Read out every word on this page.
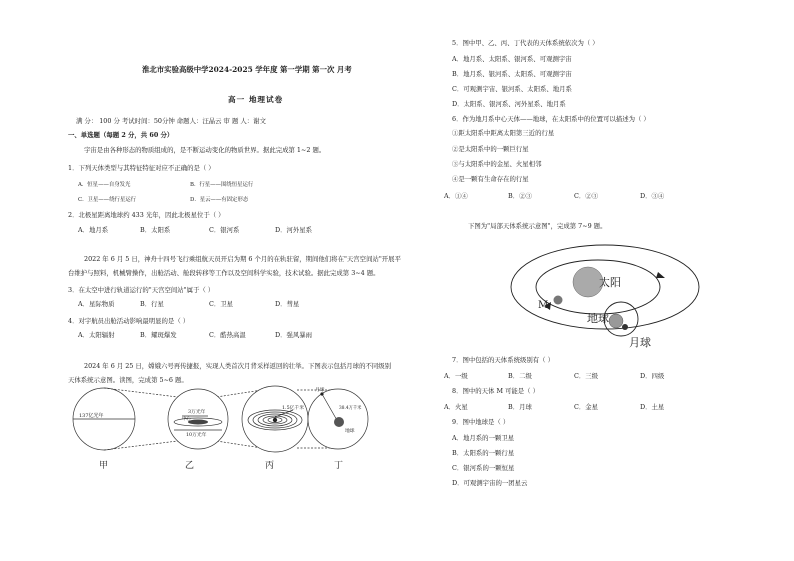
淮北市实验高级中学2024-2025 学年度 第一学期 第一次 月考
高一 地理试卷
满 分： 100 分 考试时间：50分钟 命题人：汪晶云 审 题 人：谢文
一、单选题（每题 2 分，共 60 分）
宇宙是由各种形态的物质组成的，是不断运动变化的物质世界。据此完成第 1~2 题。
1．下列天体类型与其特征特征对应不正确的是（ ）
A．恒星——自身发光	B．行星——围绕恒星运行
C．卫星——绕行星运行	D．星云——有固定形态
2．北极星距离地球约 433 光年，因此北极星位于（ ）
A．地月系	B．太阳系	C．银河系	D．河外星系
2022 年 6 月 5 日，神舟十四号飞行乘组航天员开启为期 6 个月的在轨驻留，期间他们将在"天宫空间站"开展平
台维护与照料，机械臂操作，出舱活动、舱段转移等工作以及空间科学实验，技术试验。据此完成第 3~4 题。
3．在太空中进行轨道运行的"天宫空间站"属于（ ）
A．星际物质	B．行星	C．卫星	D．彗星
4．对宇航员出舱活动影响最明显的是（ ）
A．太阳辐射	B．耀斑爆发	C．酷热高温	D．强风暴雨
2024 年 6 月 25 日，嫦娥六号再传捷报，实现人类首次月背采样返回的壮举。下图表示包括月球的不同级别
天体系统示意图。读图，完成第 5~6 题。
137亿光年
3万光年
中心
10万光年
1.5亿千米
月球
38.4万千米
地球
甲	乙	丙	丁
5．图中甲、乙、丙、丁代表的天体系统依次为（ ）
A．地月系、太阳系、银河系、可观测宇宙
B．地月系、银河系、太阳系、可观测宇宙
C．可观测宇宙、银河系、太阳系、地月系
D．太阳系、银河系、河外星系、地月系
6．作为地月系中心天体——地球，在太阳系中的位置可以描述为（ ）
①距太阳系中距离太阳第三近的行星
②是太阳系中的一颗巨行星
③与太阳系中的金星、火星相邻
④是一颗有生命存在的行星
A．①④	B．②③	C．②③	D．③④
下图为"局部天体系统示意图"，完成第 7~9 题。
太阳
M
地球
月球
7．图中包括的天体系统级别有（ ）
A．一级	B．二级	C．三级	D．四级
8．图中的天体 M 可能是（ ）
A．火星	B．月球	C．金星	D．土星
9．图中地球是（ ）
A．地月系的一颗卫星
B．太阳系的一颗行星
C．银河系的一颗恒星
D．可观测宇宙的一团星云
